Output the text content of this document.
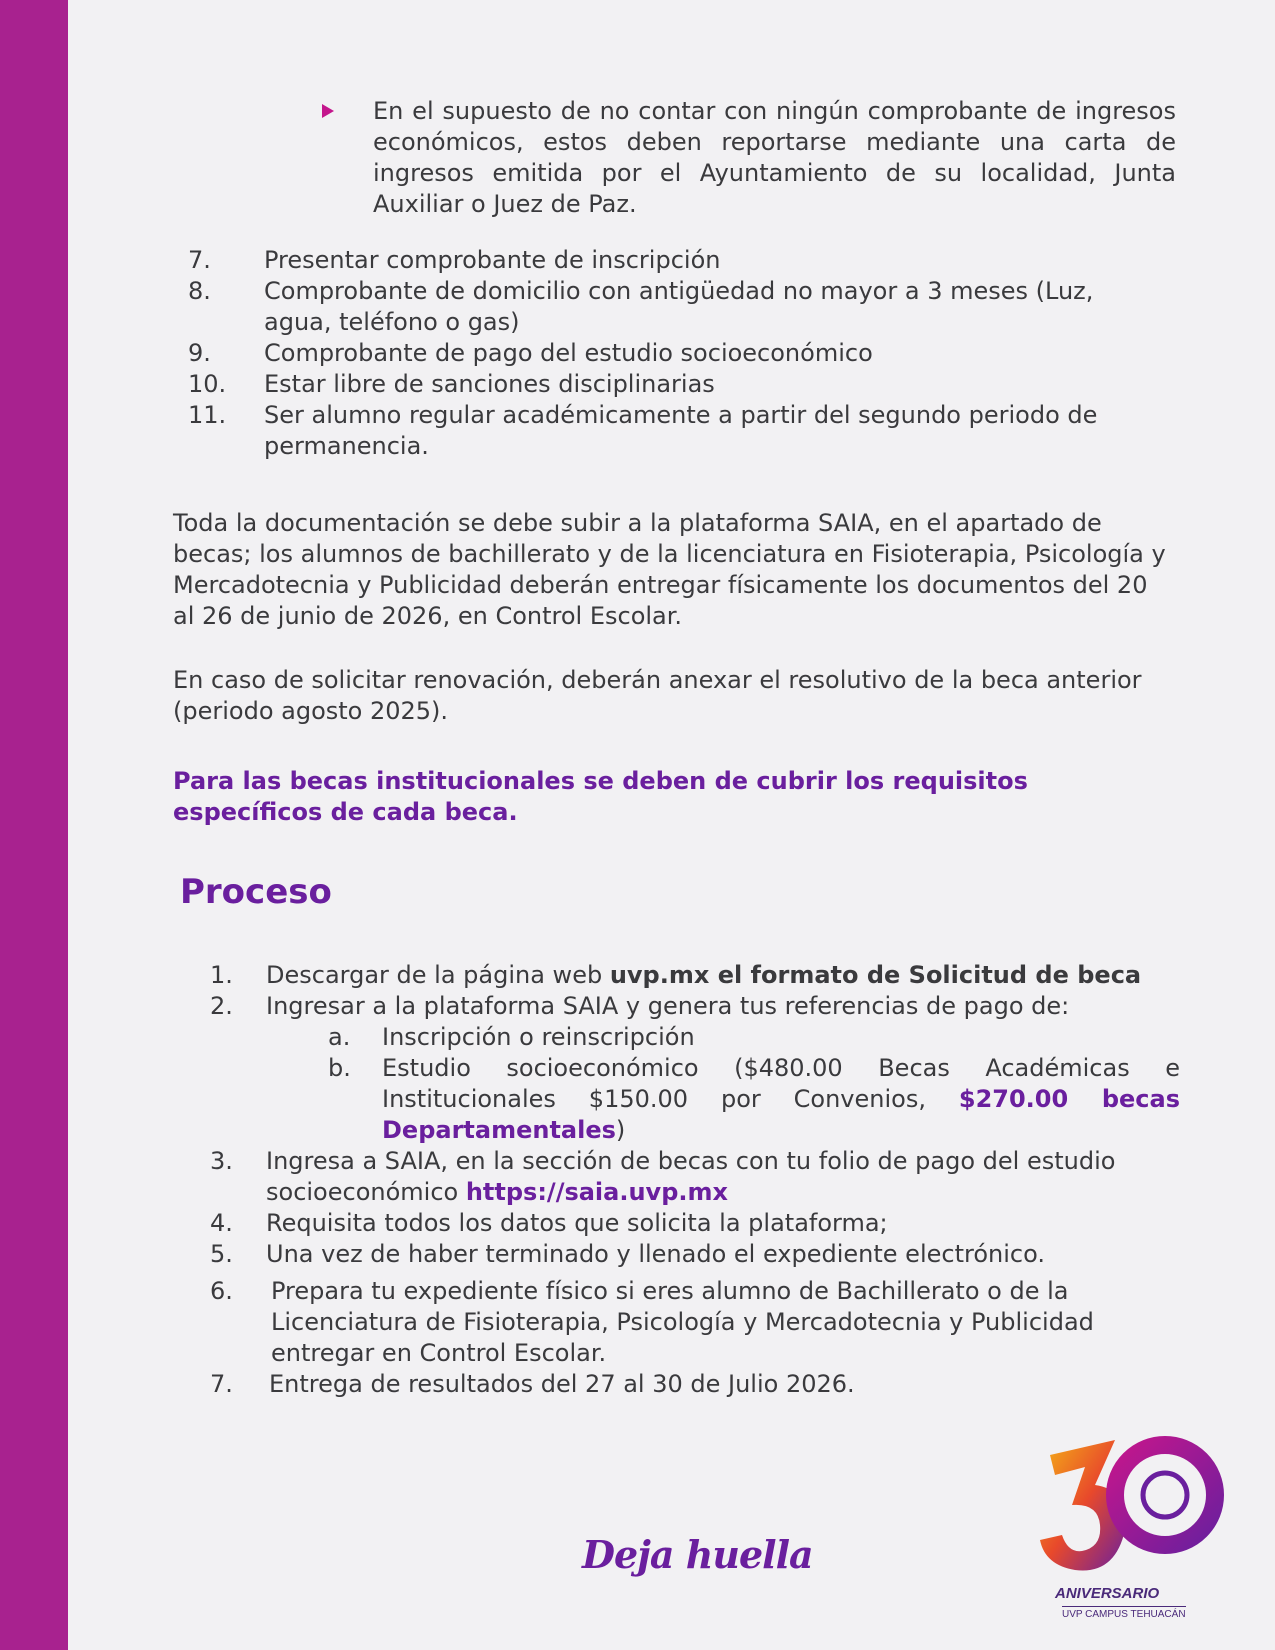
En el supuesto de no contar con ningún comprobante de ingresos económicos, estos deben reportarse mediante una carta de ingresos emitida por el Ayuntamiento de su localidad, Junta Auxiliar o Juez de Paz.
7. Presentar comprobante de inscripción
8. Comprobante de domicilio con antigüedad no mayor a 3 meses (Luz, agua, teléfono o gas)
9. Comprobante de pago del estudio socioeconómico
10. Estar libre de sanciones disciplinarias
11. Ser alumno regular académicamente a partir del segundo periodo de permanencia.

Toda la documentación se debe subir a la plataforma SAIA, en el apartado de becas; los alumnos de bachillerato y de la licenciatura en Fisioterapia, Psicología y Mercadotecnia y Publicidad deberán entregar físicamente los documentos del 20 al 26 de junio de 2026, en Control Escolar.

En caso de solicitar renovación, deberán anexar el resolutivo de la beca anterior (periodo agosto 2025).

Para las becas institucionales se deben de cubrir los requisitos específicos de cada beca.

Proceso
1. Descargar de la página web uvp.mx el formato de Solicitud de beca
2. Ingresar a la plataforma SAIA y genera tus referencias de pago de:
a. Inscripción o reinscripción
b. Estudio socioeconómico ($480.00 Becas Académicas e Institucionales $150.00 por Convenios, $270.00 becas Departamentales)
3. Ingresa a SAIA, en la sección de becas con tu folio de pago del estudio socioeconómico https://saia.uvp.mx
4. Requisita todos los datos que solicita la plataforma;
5. Una vez de haber terminado y llenado el expediente electrónico.
6. Prepara tu expediente físico si eres alumno de Bachillerato o de la Licenciatura de Fisioterapia, Psicología y Mercadotecnia y Publicidad entregar en Control Escolar.
7. Entrega de resultados del 27 al 30 de Julio 2026.
Deja huella
30
ANIVERSARIO
UVP CAMPUS TEHUACÁN
